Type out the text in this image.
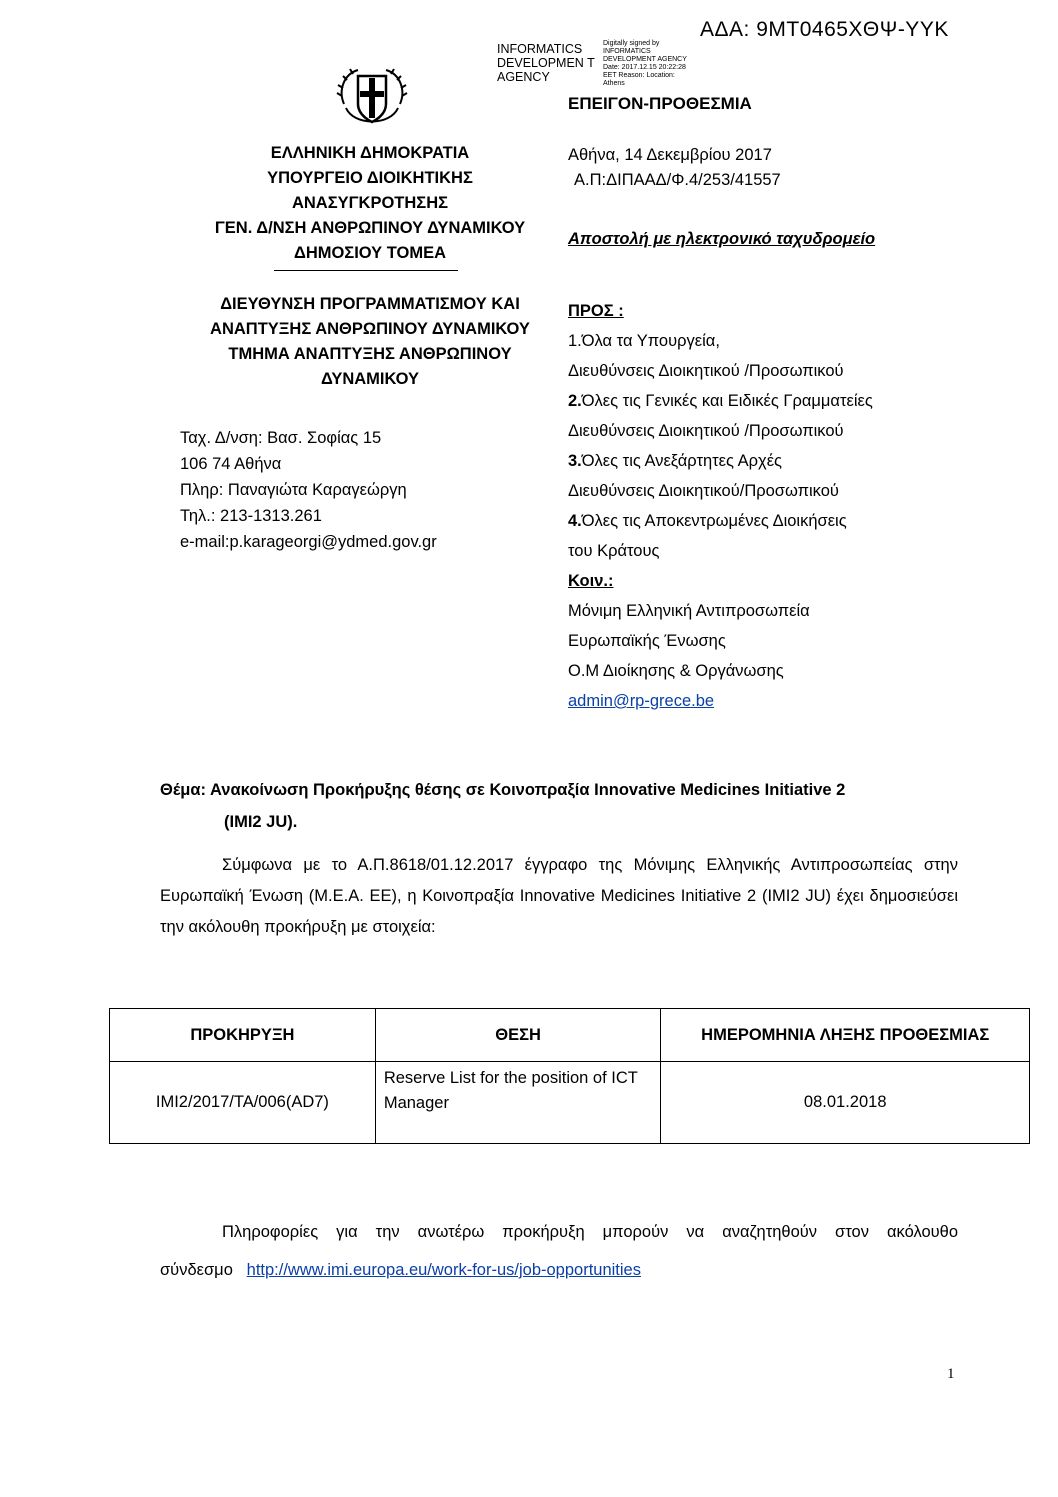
ΑΔΑ: 9ΜΤ0465ΧΘΨ-ΥΥΚ
INFORMATICS DEVELOPMEN T AGENCY
Digitally signed by INFORMATICS DEVELOPMENT AGENCY Date: 2017.12.15 20:22:28 EET Reason: Location: Athens
ΕΛΛΗΝΙΚΗ ΔΗΜΟΚΡΑΤΙΑ
ΥΠΟΥΡΓΕΙΟ ΔΙΟΙΚΗΤΙΚΗΣ
ΑΝΑΣΥΓΚΡΟΤΗΣΗΣ
ΓΕΝ. Δ/ΝΣΗ ΑΝΘΡΩΠΙΝΟΥ ΔΥΝΑΜΙΚΟΥ
ΔΗΜΟΣΙΟΥ ΤΟΜΕΑ
ΔΙΕΥΘΥΝΣΗ ΠΡΟΓΡΑΜΜΑΤΙΣΜΟΥ ΚΑΙ
ΑΝΑΠΤΥΞΗΣ ΑΝΘΡΩΠΙΝΟΥ ΔΥΝΑΜΙΚΟΥ
ΤΜΗΜΑ ΑΝΑΠΤΥΞΗΣ ΑΝΘΡΩΠΙΝΟΥ
ΔΥΝΑΜΙΚΟΥ
Ταχ. Δ/νση: Βασ. Σοφίας 15
106 74 Αθήνα
Πληρ: Παναγιώτα Καραγεώργη
Τηλ.: 213-1313.261
e-mail:p.karageorgi@ydmed.gov.gr
ΕΠΕΙΓΟΝ-ΠΡΟΘΕΣΜΙΑ
Αθήνα, 14 Δεκεμβρίου 2017
Α.Π:ΔΙΠΑΑΔ/Φ.4/253/41557
Αποστολή με ηλεκτρονικό ταχυδρομείο
ΠΡΟΣ :
1.Όλα τα Υπουργεία,
Διευθύνσεις Διοικητικού /Προσωπικού
2.Όλες τις Γενικές και Ειδικές Γραμματείες
Διευθύνσεις Διοικητικού /Προσωπικού
3.Όλες τις Ανεξάρτητες Αρχές
Διευθύνσεις Διοικητικού/Προσωπικού
4.Όλες τις Αποκεντρωμένες Διοικήσεις
του Κράτους
Κοιν.:
Μόνιμη Ελληνική Αντιπροσωπεία
Ευρωπαϊκής Ένωσης
Ο.Μ Διοίκησης & Οργάνωσης
admin@rp-grece.be
Θέμα: Ανακοίνωση Προκήρυξης θέσης σε Κοινοπραξία Innovative Medicines Initiative 2
(IMI2 JU).
Σύμφωνα με το Α.Π.8618/01.12.2017 έγγραφο της Μόνιμης Ελληνικής Αντιπροσωπείας στην Ευρωπαϊκή Ένωση (Μ.Ε.Α. ΕΕ), η Κοινοπραξία Innovative Medicines Initiative 2 (IMI2 JU) έχει δημοσιεύσει την ακόλουθη προκήρυξη με στοιχεία:
ΠΡΟΚΗΡΥΞΗ	ΘΕΣΗ	ΗΜΕΡΟΜΗΝΙΑ ΛΗΞΗΣ ΠΡΟΘΕΣΜΙΑΣ
IMI2/2017/TA/006(AD7)	Reserve List for the position of ICT Manager	08.01.2018
Πληροφορίες για την ανωτέρω προκήρυξη μπορούν να αναζητηθούν στον ακόλουθο σύνδεσμο http://www.imi.europa.eu/work-for-us/job-opportunities
1
